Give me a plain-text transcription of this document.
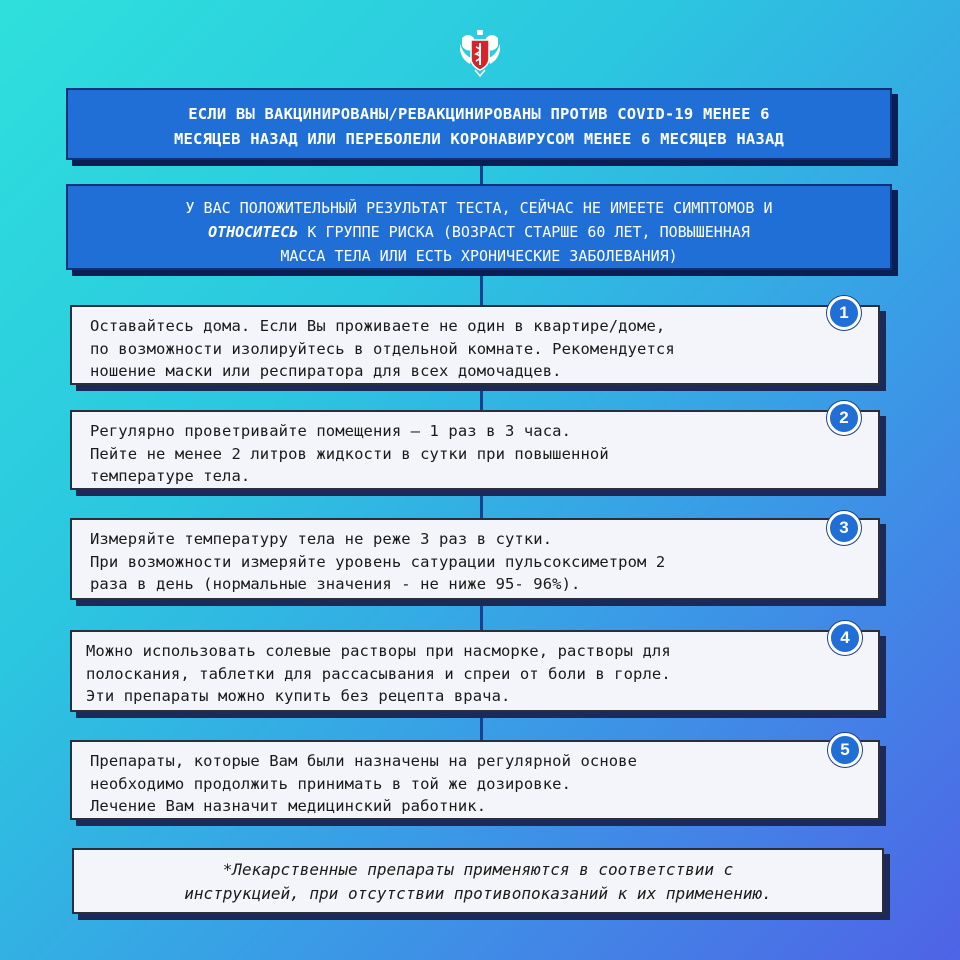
ЕСЛИ ВЫ ВАКЦИНИРОВАНЫ/РЕВАКЦИНИРОВАНЫ ПРОТИВ COVID-19 МЕНЕЕ 6
МЕСЯЦЕВ НАЗАД ИЛИ ПЕРЕБОЛЕЛИ КОРОНАВИРУСОМ МЕНЕЕ 6 МЕСЯЦЕВ НАЗАД
У ВАС ПОЛОЖИТЕЛЬНЫЙ РЕЗУЛЬТАТ ТЕСТА, СЕЙЧАС НЕ ИМЕЕТЕ СИМПТОМОВ И
ОТНОСИТЕСЬ К ГРУППЕ РИСКА (ВОЗРАСТ СТАРШЕ 60 ЛЕТ, ПОВЫШЕННАЯ
МАССА ТЕЛА ИЛИ ЕСТЬ ХРОНИЧЕСКИЕ ЗАБОЛЕВАНИЯ)
Оставайтесь дома. Если Вы проживаете не один в квартире/доме,
по возможности изолируйтесь в отдельной комнате. Рекомендуется
ношение маски или респиратора для всех домочадцев.
1
Регулярно проветривайте помещения — 1 раз в 3 часа.
Пейте не менее 2 литров жидкости в сутки при повышенной
температуре тела.
2
Измеряйте температуру тела не реже 3 раз в сутки.
При возможности измеряйте уровень сатурации пульсоксиметром 2
раза в день (нормальные значения - не ниже 95- 96%).
3
Можно использовать солевые растворы при насморке, растворы для
полоскания, таблетки для рассасывания и спреи от боли в горле.
Эти препараты можно купить без рецепта врача.
4
Препараты, которые Вам были назначены на регулярной основе
необходимо продолжить принимать в той же дозировке.
Лечение Вам назначит медицинский работник.
5
*Лекарственные препараты применяются в соответствии с
инструкцией, при отсутствии противопоказаний к их применению.
